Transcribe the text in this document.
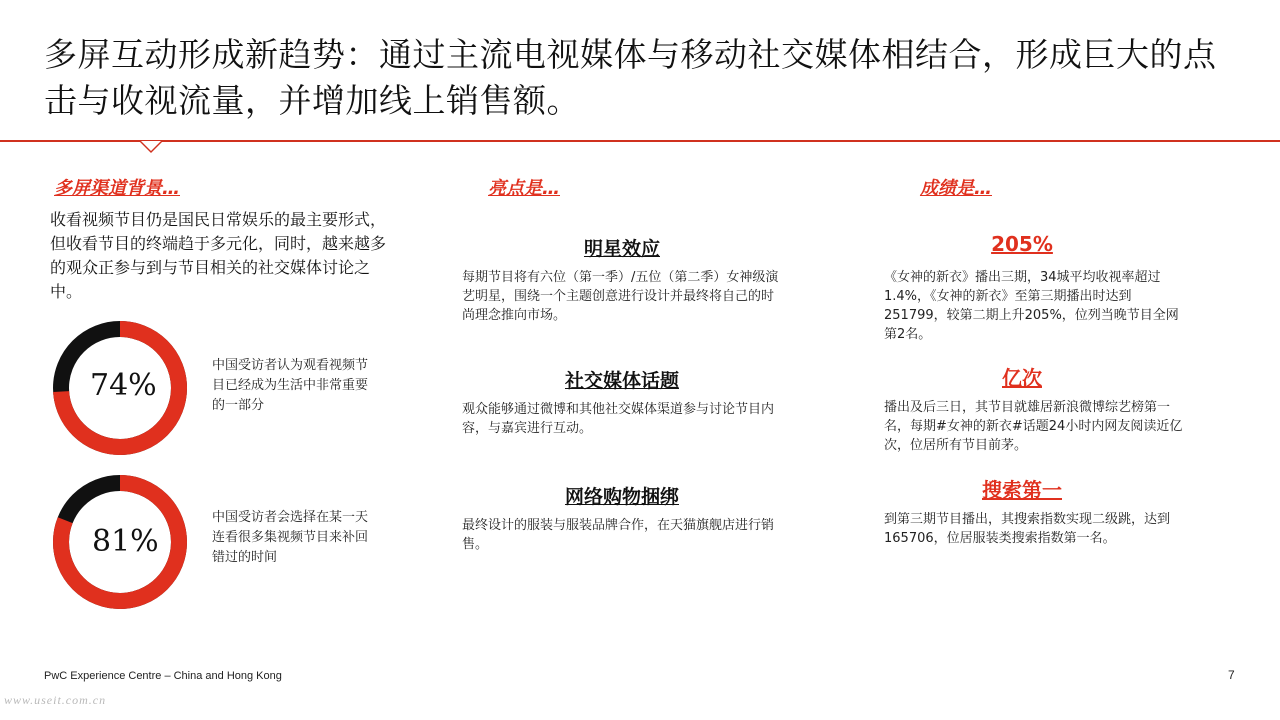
多屏互动形成新趋势：通过主流电视媒体与移动社交媒体相结合，形成巨大的点击与收视流量，并增加线上销售额。
多屏渠道背景…
收看视频节目仍是国民日常娱乐的最主要形式，但收看节目的终端趋于多元化，同时，越来越多的观众正参与到与节目相关的社交媒体讨论之中。
74%
中国受访者认为观看视频节目已经成为生活中非常重要的一部分
81%
中国受访者会选择在某一天连看很多集视频节目来补回错过的时间
亮点是…
明星效应
每期节目将有六位（第一季）/五位（第二季）女神级演艺明星，围绕一个主题创意进行设计并最终将自己的时尚理念推向市场。
社交媒体话题
观众能够通过微博和其他社交媒体渠道参与讨论节目内容，与嘉宾进行互动。
网络购物捆绑
最终设计的服装与服装品牌合作，在天猫旗舰店进行销售。
成绩是…
205%
《女神的新衣》播出三期，34城平均收视率超过1.4%，《女神的新衣》至第三期播出时达到251799，较第二期上升205%，位列当晚节目全网第2名。
亿次
播出及后三日，其节目就雄居新浪微博综艺榜第一名，每期#女神的新衣#话题24小时内网友阅读近亿次，位居所有节目前茅。
搜索第一
到第三期节目播出，其搜索指数实现二级跳，达到165706，位居服装类搜索指数第一名。
PwC Experience Centre – China and Hong Kong	7
www.useit.com.cn
